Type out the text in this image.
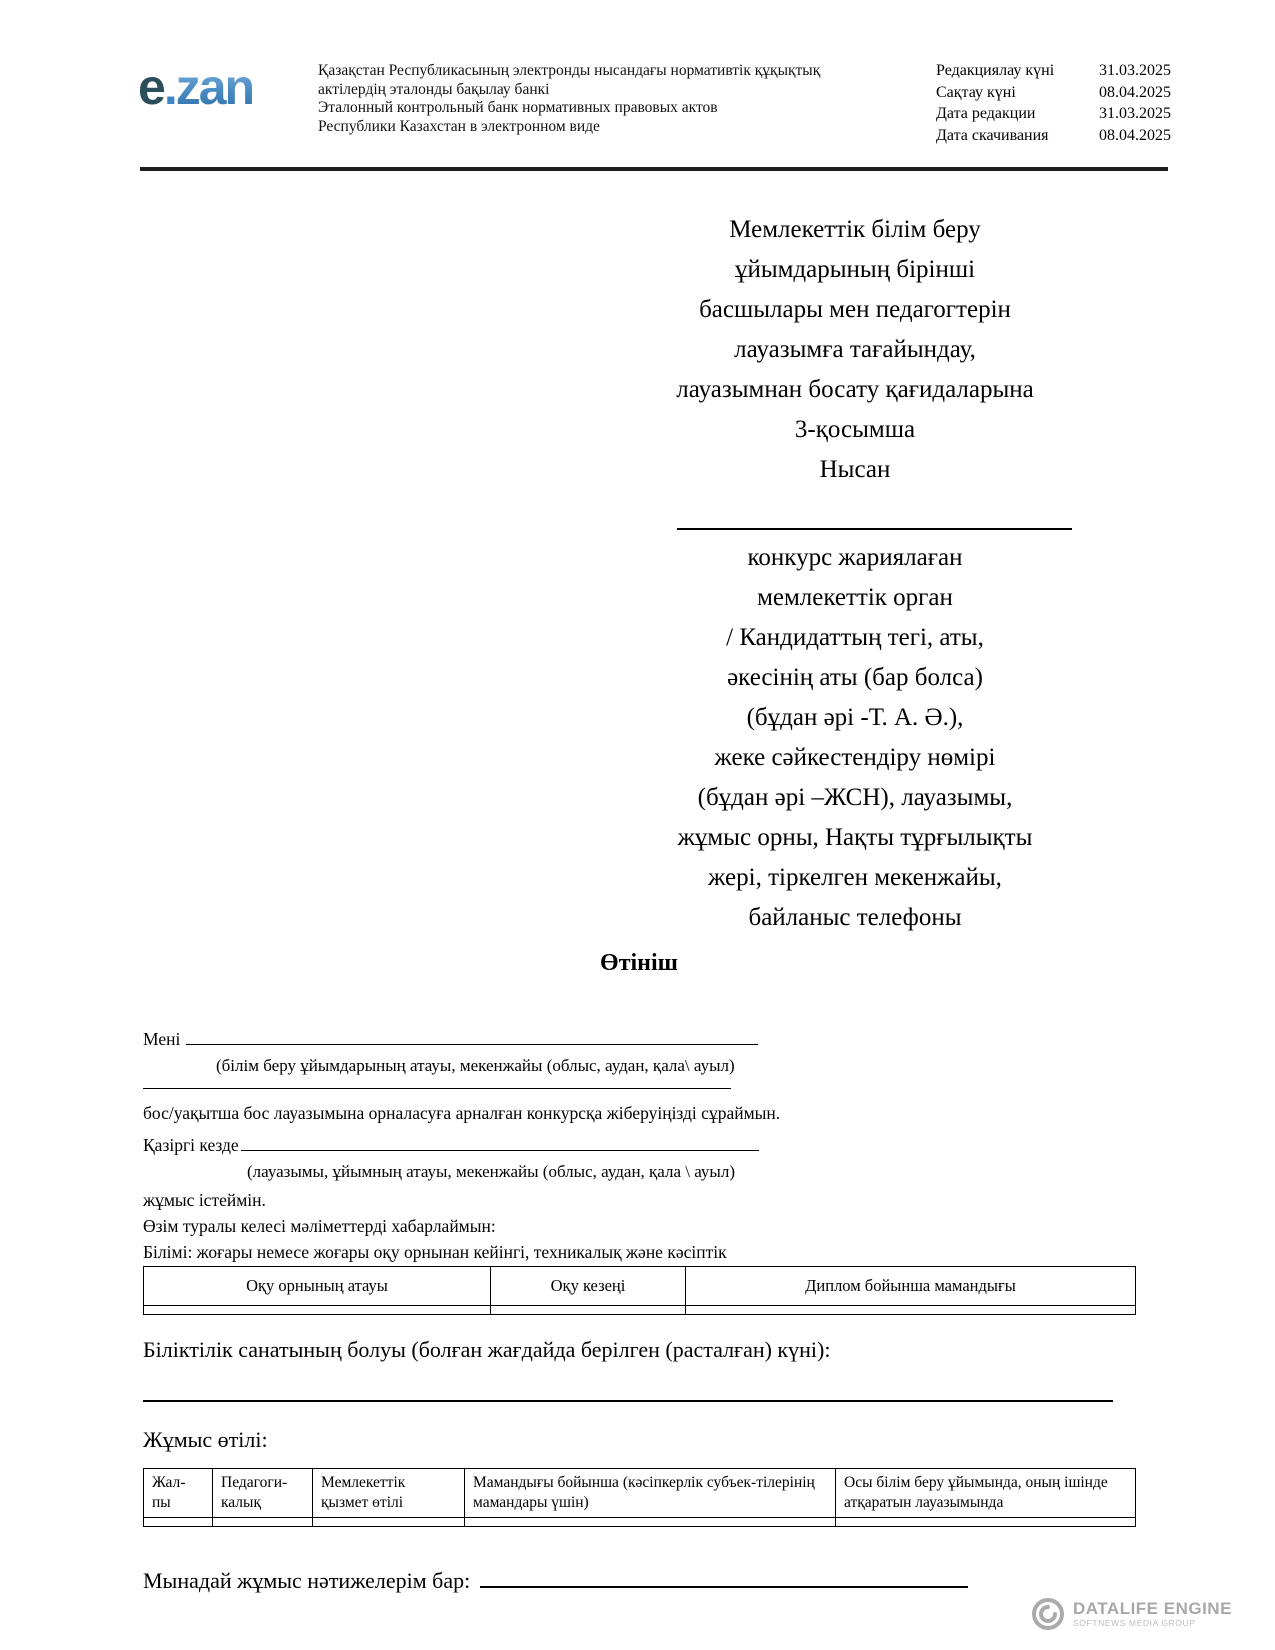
e.zan	Қазақстан Республикасының электронды нысандағы нормативтік құқықтық
актілердің эталонды бақылау банкі
Эталонный контрольный банк нормативных правовых актов
Республики Казахстан в электронном виде
Редакциялау күні	31.03.2025
Сақтау күні	08.04.2025
Дата редакции	31.03.2025
Дата скачивания	08.04.2025
Мемлекеттік білім беру
ұйымдарының бірінші
басшылары мен педагогтерін
лауазымға тағайындау,
лауазымнан босату қағидаларына
3-қосымша
Нысан
конкурс жариялаған
мемлекеттік орган
/ Кандидаттың тегі, аты,
әкесінің аты (бар болса)
(бұдан әрі -Т. А. Ә.),
жеке сәйкестендіру нөмірі
(бұдан әрі –ЖСН), лауазымы,
жұмыс орны, Нақты тұрғылықты
жері, тіркелген мекенжайы,
байланыс телефоны
Өтініш
Мені
(білім беру ұйымдарының атауы, мекенжайы (облыс, аудан, қала\ ауыл)
бос/уақытша бос лауазымына орналасуға арналған конкурсқа жіберуіңізді сұраймын.
Қазіргі кезде
(лауазымы, ұйымның атауы, мекенжайы (облыс, аудан, қала \ ауыл)
жұмыс істеймін.
Өзім туралы келесі мәліметтерді хабарлаймын:
Білімі: жоғары немесе жоғары оқу орнынан кейінгі, техникалық және кәсіптік
Оқу орнының атауы	Оқу кезеңі	Диплом бойынша мамандығы

Біліктілік санатының болуы (болған жағдайда берілген (расталған) күні):
Жұмыс өтілі:
Жал-пы	Педагоги-калық	Мемлекеттік қызмет өтілі	Мамандығы бойынша (кәсіпкерлік субъек-тілерінің мамандары үшін)	Осы білім беру ұйымында, оның ішінде атқаратын лауазымында

Мынадай жұмыс нәтижелерім бар:
DATALIFE ENGINE
SOFTNEWS MEDIA GROUP
